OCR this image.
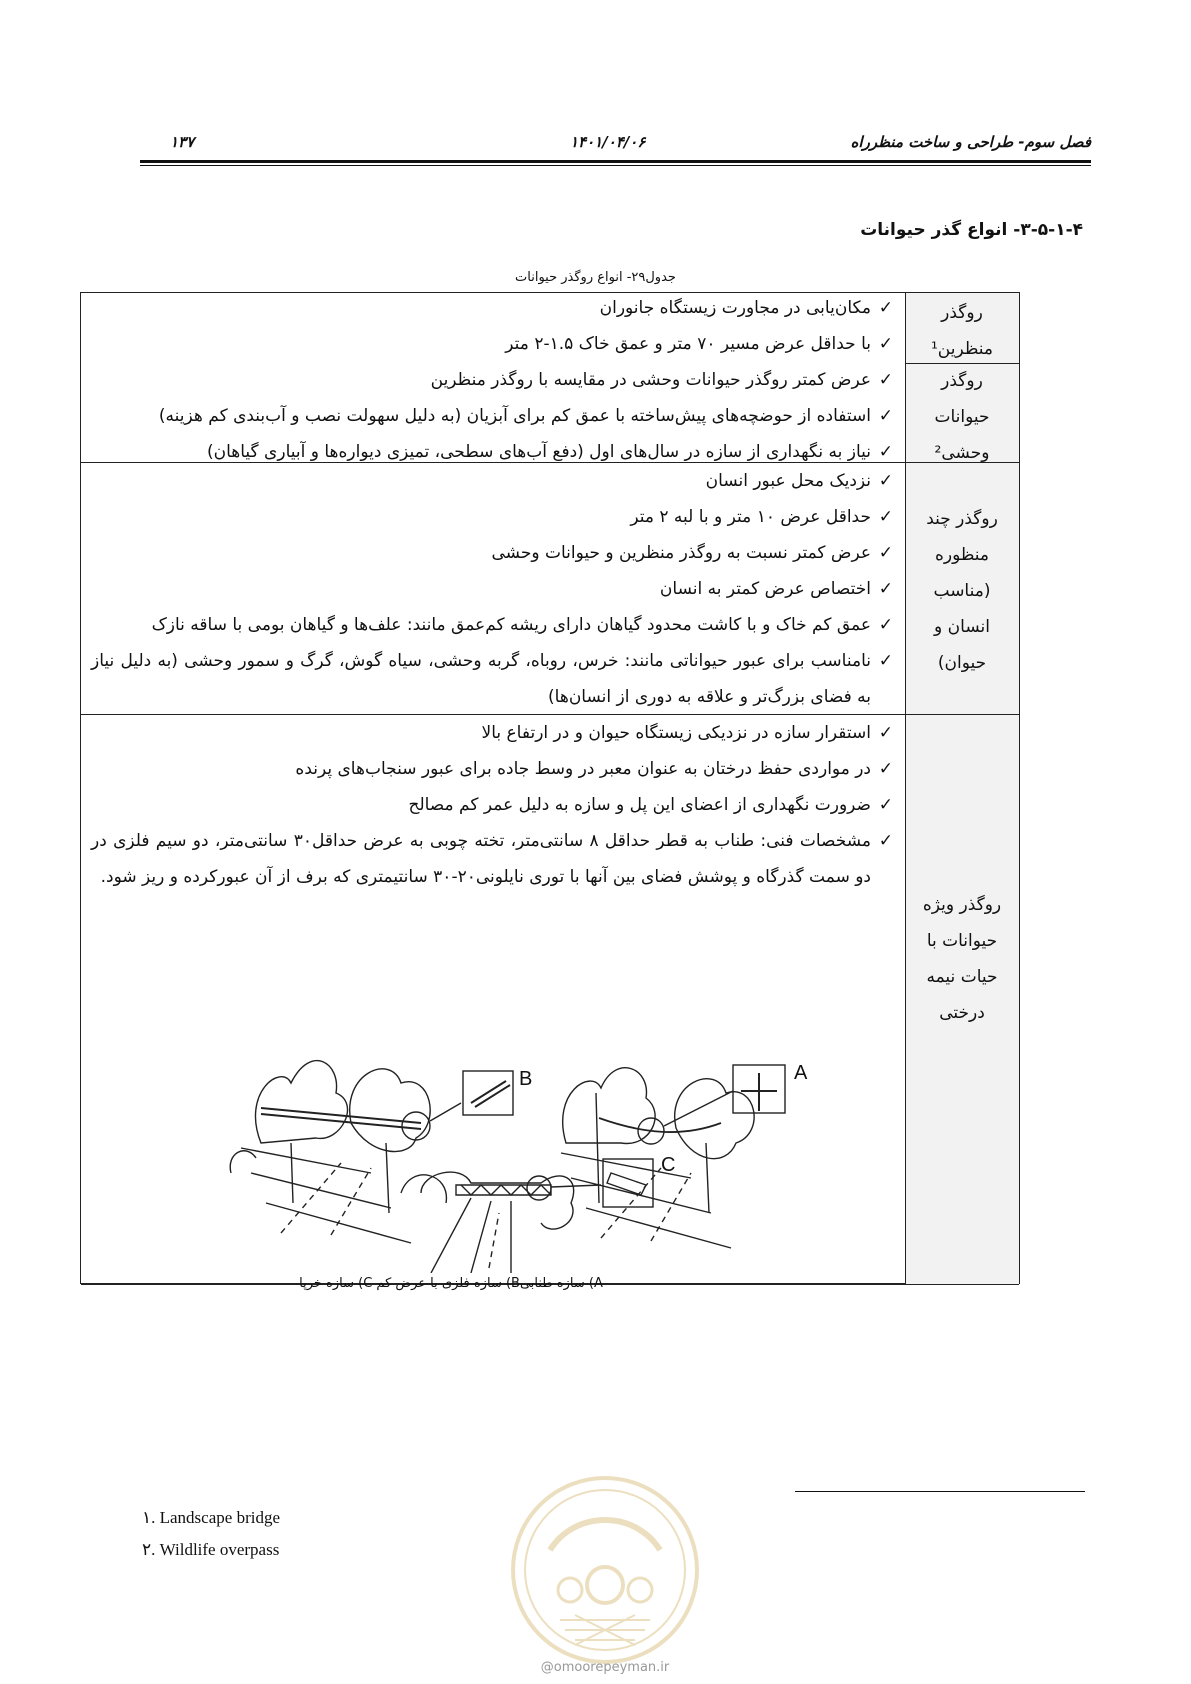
فصل سوم- طراحی و ساخت منظرراه
۱۴۰۱/۰۴/۰۶
۱۳۷
۳-۵-۱-۴- انواع گذر حیوانات
جدول۲۹- انواع روگذر حیوانات
روگذر منظرین¹
روگذر حیوانات وحشی²
✓
مکان‌یابی در مجاورت زیستگاه جانوران
✓
با حداقل عرض مسیر ۷۰ متر و عمق خاک ۱.۵-۲ متر
✓
عرض کمتر روگذر حیوانات وحشی در مقایسه با روگذر منظرین
✓
استفاده از حوضچه‌های پیش‌ساخته با عمق کم برای آبزیان (به دلیل سهولت نصب و آب‌بندی کم هزینه)
✓
نیاز به نگهداری از سازه در سال‌های اول (دفع آب‌های سطحی، تمیزی دیواره‌ها و آبیاری گیاهان)
روگذر چند منظوره (مناسب انسان و حیوان)
✓
نزدیک محل عبور انسان
✓
حداقل عرض ۱۰ متر و با لبه ۲ متر
✓
عرض کمتر نسبت به روگذر منظرین و حیوانات وحشی
✓
اختصاص عرض کمتر به انسان
✓
عمق کم خاک و با کاشت محدود گیاهان دارای ریشه کم‌عمق مانند: علف‌ها و گیاهان بومی با ساقه نازک
✓
نامناسب برای عبور حیواناتی مانند: خرس، روباه، گربه وحشی، سیاه گوش، گرگ و سمور وحشی (به دلیل نیاز به فضای بزرگ‌تر و علاقه به دوری از انسان‌ها)
روگذر ویژه حیوانات با حیات نیمه درختی
✓
استقرار سازه در نزدیکی زیستگاه حیوان و در ارتفاع بالا
✓
در مواردی حفظ درختان به عنوان معبر در وسط جاده برای عبور سنجاب‌های پرنده
✓
ضرورت نگهداری از اعضای این پل و سازه به دلیل عمر کم مصالح
✓
مشخصات فنی: طناب به قطر حداقل ۸ سانتی‌متر، تخته چوبی به عرض حداقل۳۰ سانتی‌متر، دو سیم فلزی در دو سمت گذرگاه و پوشش فضای بین آنها با توری نایلونی۲۰-۳۰ سانتیمتری که برف از آن عبورکرده و ریز شود.
B	A
C
A) سازه طنابیB) سازه فلزی با عرض کم C) سازه خرپا
۱. Landscape bridge
۲. Wildlife overpass
@omoorepeyman.ir
